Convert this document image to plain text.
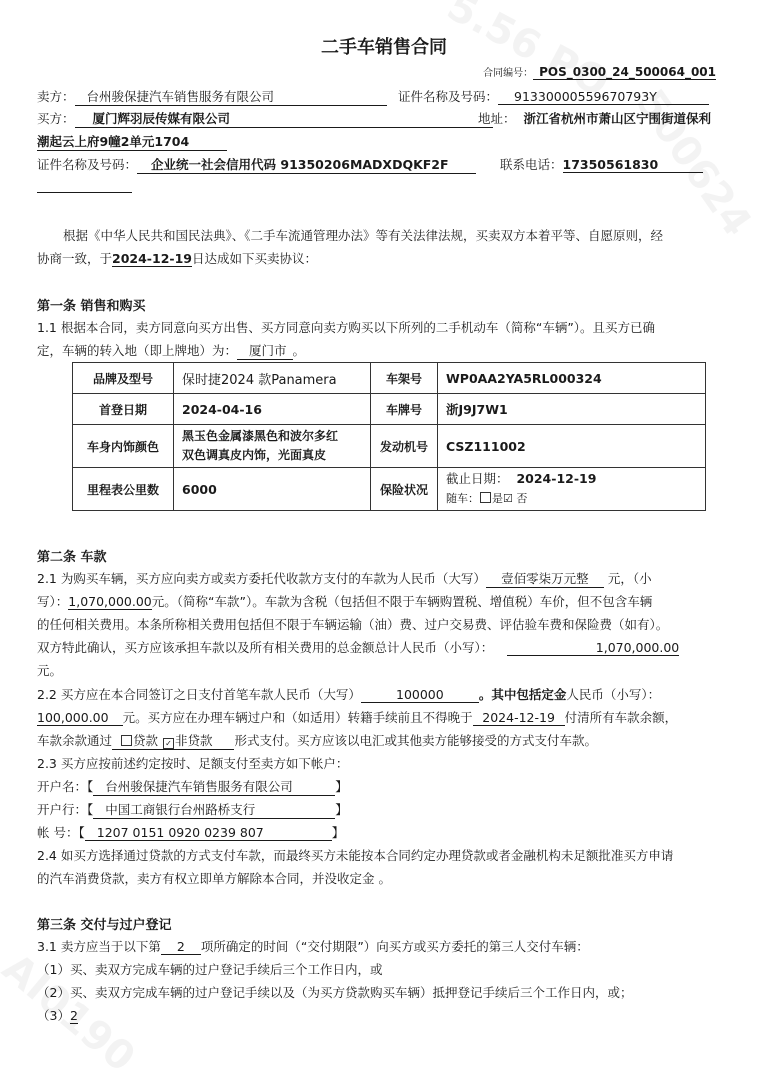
二手车销售合同
合同编号： POS_0300_24_500064_001
卖方： 台州骏保捷汽车销售服务有限公司	证件名称及号码： 91330000559670793Y
买方： 厦门辉羽辰传媒有限公司	地址： 浙江省杭州市萧山区宁围街道保利
潮起云上府9幢2单元1704
证件名称及号码： 企业统一社会信用代码 91350206MADXDQKF2F	联系电话：17350561830
根据《中华人民共和国民法典》、《二手车流通管理办法》等有关法律法规，买卖双方本着平等、自愿原则，经
协商一致，于2024-12-19日达成如下买卖协议：
第一条 销售和购买
1.1 根据本合同，卖方同意向买方出售、买方同意向卖方购买以下所列的二手机动车（简称“车辆”）。且买方已确
定，车辆的转入地（即上牌地）为： 厦门市 。
品牌及型号	保时捷2024 款Panamera	车架号	WP0AA2YA5RL000324
首登日期	2024-04-16	车牌号	浙J9J7W1
车身内饰颜色	黑玉色金属漆黑色和波尔多红
双色调真皮内饰，光面真皮	发动机号	CSZ111002
里程表公里数	6000	保险状况	截止日期： 2024-12-19
随车： 是☑ 否
第二条 车款
2.1 为购买车辆，买方应向卖方或卖方委托代收款方支付的车款为人民币（大写） 壹佰零柒万元整 元，（小
写）：1,070,000.00元。（简称“车款”）。车款为含税（包括但不限于车辆购置税、增值税）车价，但不包含车辆
的任何相关费用。本条所称相关费用包括但不限于车辆运输（油）费、过户交易费、评估验车费和保险费（如有）。
双方特此确认，买方应该承担车款以及所有相关费用的总金额总计人民币（小写）：	1,070,000.00
元。
2.2 买方应在本合同签订之日支付首笔车款人民币（大写）	100000	。其中包括定金人民币（小写）：
100,000.00 元。买方应在办理车辆过户和（如适用）转籍手续前且不得晚于 2024-12-19 付清所有车款余额，
车款余款通过 贷款 ✓ 非贷款 形式支付。买方应该以电汇或其他卖方能够接受的方式支付车款。
2.3 买方应按前述约定按时、足额支付至卖方如下帐户：
开户名：【 台州骏保捷汽车销售服务有限公司	】
开户行：【 中国工商银行台州路桥支行	】
帐 号：【 1207 0151 0920 0239 807	】
2.4 如买方选择通过贷款的方式支付车款，而最终买方未能按本合同约定办理贷款或者金融机构未足额批准买方申请
的汽车消费贷款，卖方有权立即单方解除本合同，并没收定金 。
第三条 交付与过户登记
3.1 卖方应当于以下第 2 项所确定的时间（“交付期限”）向买方或买方委托的第三人交付车辆：
（1）买、卖双方完成车辆的过户登记手续后三个工作日内，或
（2）买、卖双方完成车辆的过户登记手续以及（为买方贷款购买车辆）抵押登记手续后三个工作日内，或；
（3）2
